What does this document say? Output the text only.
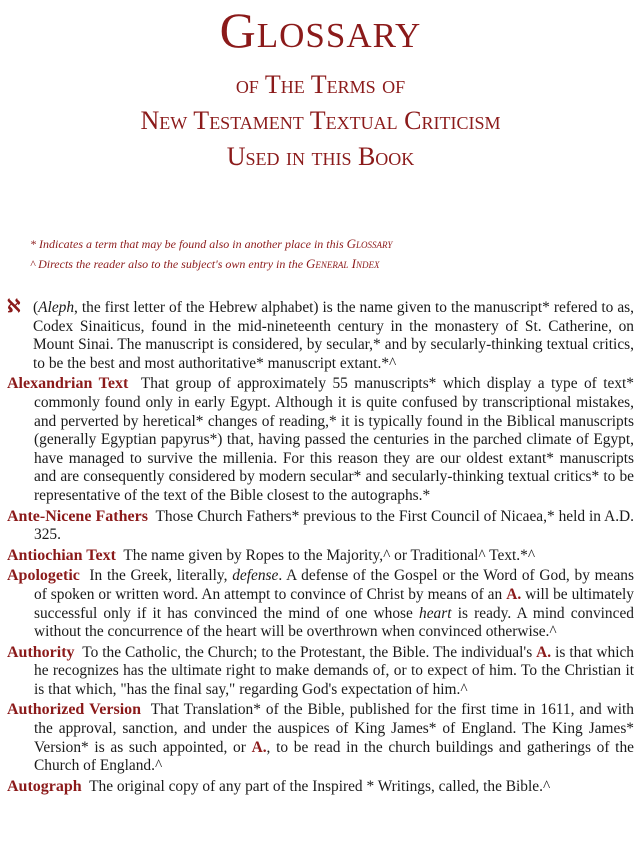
Glossary
of The Terms of
New Testament Textual Criticism
Used in this Book
* Indicates a term that may be found also in another place in this Glossary
^ Directs the reader also to the subject's own entry in the General Index

ℵ (Aleph, the first letter of the Hebrew alphabet) is the name given to the manuscript* refered to as, Codex Sinaiticus, found in the mid-nineteenth century in the monastery of St. Catherine, on Mount Sinai. The manuscript is considered, by secular,* and by secularly-thinking textual critics, to be the best and most authoritative* manuscript extant.*^

Alexandrian Text That group of approximately 55 manuscripts* which display a type of text* commonly found only in early Egypt. Although it is quite confused by transcriptional mistakes, and perverted by heretical* changes of reading,* it is typically found in the Biblical manuscripts (generally Egyptian papyrus*) that, having passed the centuries in the parched climate of Egypt, have managed to survive the millenia. For this reason they are our oldest extant* manuscripts and are consequently considered by modern secular* and secularly-thinking textual critics* to be representative of the text of the Bible closest to the autographs.*

Ante-Nicene Fathers Those Church Fathers* previous to the First Council of Nicaea,* held in A.D. 325.

Antiochian Text The name given by Ropes to the Majority,^ or Traditional^ Text.*^

Apologetic In the Greek, literally, defense. A defense of the Gospel or the Word of God, by means of spoken or written word. An attempt to convince of Christ by means of an A. will be ultimately successful only if it has convinced the mind of one whose heart is ready. A mind convinced without the concurrence of the heart will be overthrown when convinced otherwise.^

Authority To the Catholic, the Church; to the Protestant, the Bible. The individual's A. is that which he recognizes has the ultimate right to make demands of, or to expect of him. To the Christian it is that which, "has the final say," regarding God's expectation of him.^

Authorized Version That Translation* of the Bible, published for the first time in 1611, and with the approval, sanction, and under the auspices of King James* of England. The King James* Version* is as such appointed, or A., to be read in the church buildings and gatherings of the Church of England.^

Autograph The original copy of any part of the Inspired * Writings, called, the Bible.^
